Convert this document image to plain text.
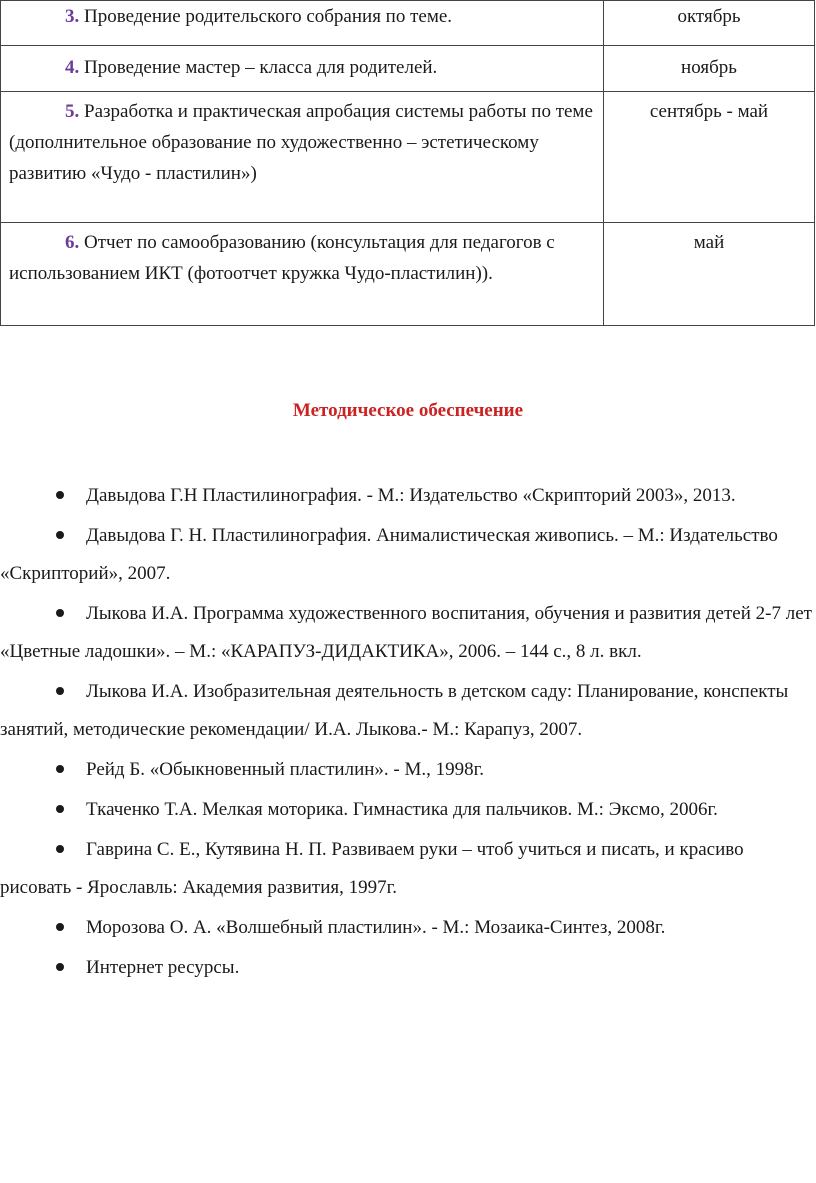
3. Проведение родительского собрания по теме.	октябрь
4. Проведение мастер – класса для родителей.	ноябрь
5. Разработка и практическая апробация системы работы по теме (дополнительное образование по художественно – эстетическому развитию «Чудо - пластилин»)	сентябрь - май
6. Отчет по самообразованию (консультация для педагогов с использованием ИКТ (фотоотчет кружка Чудо-пластилин)).	май
Методическое обеспечение
Давыдова Г.Н Пластилинография. - М.: Издательство «Скрипторий 2003», 2013.
Давыдова Г. Н. Пластилинография. Анималистическая живопись. – М.: Издательство «Скрипторий», 2007.
Лыкова И.А. Программа художественного воспитания, обучения и развития детей 2-7 лет «Цветные ладошки». – М.: «КАРАПУЗ-ДИДАКТИКА», 2006. – 144 с., 8 л. вкл.
Лыкова И.А. Изобразительная деятельность в детском саду: Планирование, конспекты занятий, методические рекомендации/ И.А. Лыкова.- М.: Карапуз, 2007.
Рейд Б. «Обыкновенный пластилин». - М., 1998г.
Ткаченко Т.А. Мелкая моторика. Гимнастика для пальчиков. М.: Эксмо, 2006г.
Гаврина С. Е., Кутявина Н. П. Развиваем руки – чтоб учиться и писать, и красиво рисовать - Ярославль: Академия развития, 1997г.
Морозова О. А. «Волшебный пластилин». - М.: Мозаика-Синтез, 2008г.
Интернет ресурсы.
